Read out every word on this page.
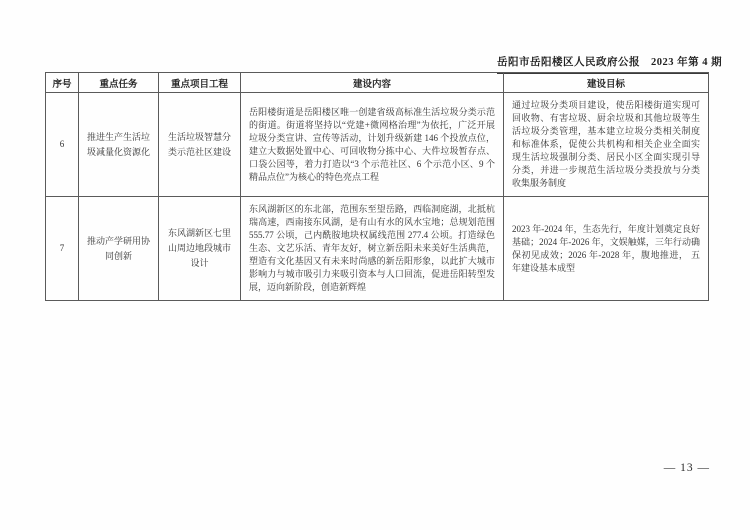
岳阳市岳阳楼区人民政府公报　2023 年第 4 期
序号	重点任务	重点项目工程	建设内容	建设目标
6	推进生产生活垃圾减量化资源化	生活垃圾智慧分类示范社区建设	岳阳楼街道是岳阳楼区唯一创建省级高标准生活垃圾分类示范的街道。街道将坚持以“党建+微网格治理”为依托，广泛开展垃圾分类宣讲、宣传等活动，计划升级新建 146 个投放点位，建立大数据处置中心、可回收物分拣中心、大件垃圾暂存点、口袋公园等，着力打造以“3 个示范社区、6 个示范小区、9 个精品点位”为核心的特色亮点工程	通过垃圾分类项目建设，使岳阳楼街道实现可回收物、有害垃圾、厨余垃圾和其他垃圾等生活垃圾分类管理，基本建立垃圾分类相关制度和标准体系，促使公共机构和相关企业全面实现生活垃圾强制分类、居民小区全面实现引导分类，并进一步规范生活垃圾分类投放与分类收集服务制度
7	推动产学研用协同创新	东风湖新区七里山周边地段城市设计	东风湖新区的东北部，范围东至望岳路，西临洞庭湖，北抵杭瑞高速，西南接东风湖，是有山有水的风水宝地；总规划范围 555.77 公顷，己内酰胺地块权属线范围 277.4 公顷。打造绿色生态、文艺乐活、青年友好，树立新岳阳未来美好生活典范，塑造有文化基因又有未来时尚感的新岳阳形象，以此扩大城市影响力与城市吸引力来吸引资本与人口回流，促进岳阳转型发展，迈向新阶段，创造新辉煌	2023 年-2024 年，生态先行，年度计划奠定良好基础；2024 年-2026 年，文娱触媒，三年行动确保初见成效；2026 年-2028 年，腹地推进， 五年建设基本成型
— 13 —
